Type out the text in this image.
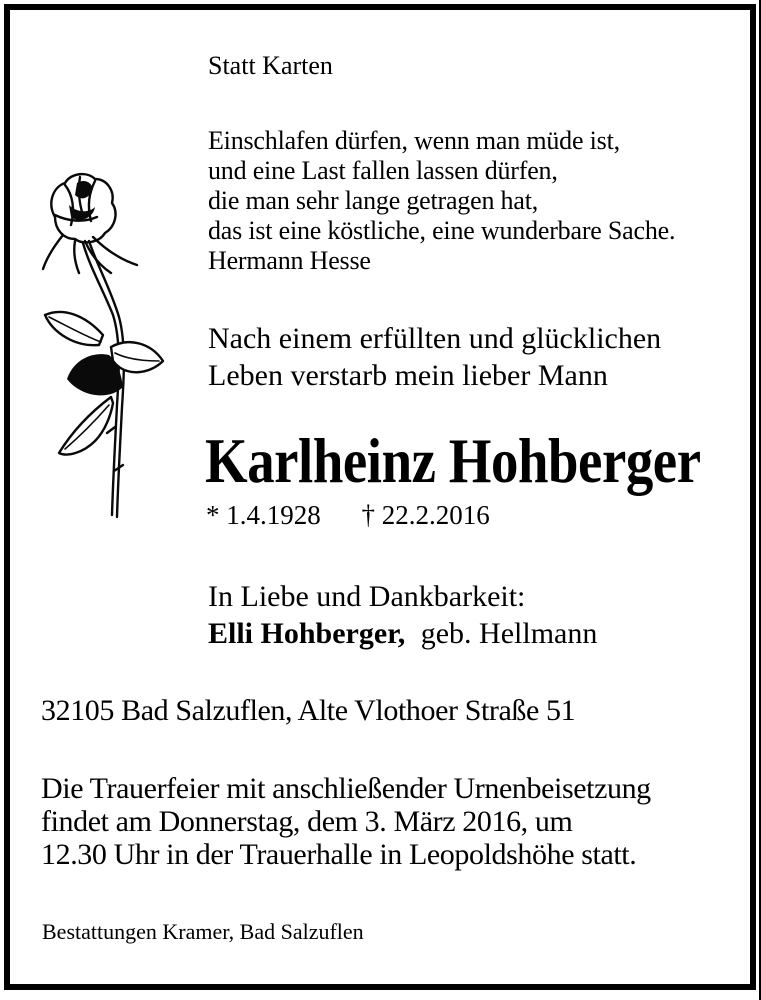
Statt Karten
Einschlafen dürfen, wenn man müde ist,
und eine Last fallen lassen dürfen,
die man sehr lange getragen hat,
das ist eine köstliche, eine wunderbare Sache.
Hermann Hesse
Nach einem erfüllten und glücklichen
Leben verstarb mein lieber Mann
Karlheinz Hohberger
* 1.4.1928 † 22.2.2016
In Liebe und Dankbarkeit:
Elli Hohberger, geb. Hellmann
32105 Bad Salzuflen, Alte Vlothoer Straße 51
Die Trauerfeier mit anschließender Urnenbeisetzung
findet am Donnerstag, dem 3. März 2016, um
12.30 Uhr in der Trauerhalle in Leopoldshöhe statt.
Bestattungen Kramer, Bad Salzuflen
